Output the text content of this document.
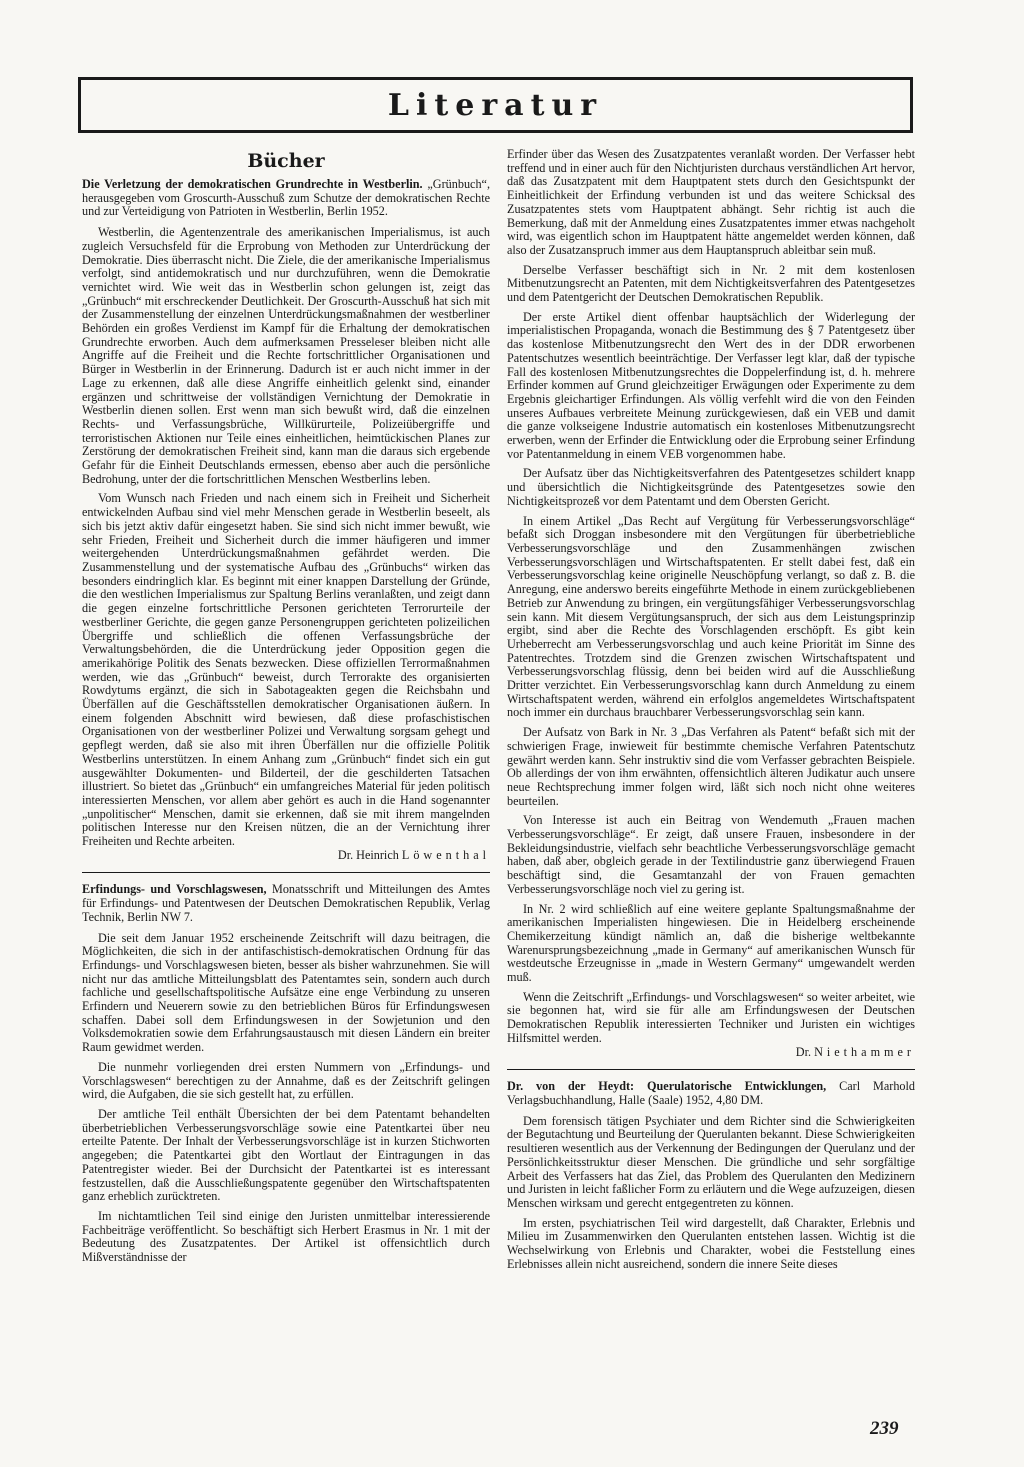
Literatur
Bücher
Die Verletzung der demokratischen Grundrechte in Westberlin. „Grünbuch“, herausgegeben vom Groscurth-Ausschuß zum Schutze der demokratischen Rechte und zur Verteidigung von Patrioten in Westberlin, Berlin 1952.

Westberlin, die Agentenzentrale des amerikanischen Imperialismus, ist auch zugleich Versuchsfeld für die Erprobung von Methoden zur Unterdrückung der Demokratie. Dies überrascht nicht. Die Ziele, die der amerikanische Imperialismus verfolgt, sind antidemokratisch und nur durchzuführen, wenn die Demokratie vernichtet wird. Wie weit das in Westberlin schon gelungen ist, zeigt das „Grünbuch“ mit erschreckender Deutlichkeit. Der Groscurth-Ausschuß hat sich mit der Zusammenstellung der einzelnen Unterdrückungsmaßnahmen der westberliner Behörden ein großes Verdienst im Kampf für die Erhaltung der demokratischen Grundrechte erworben. Auch dem aufmerksamen Presseleser bleiben nicht alle Angriffe auf die Freiheit und die Rechte fortschrittlicher Organisationen und Bürger in Westberlin in der Erinnerung. Dadurch ist er auch nicht immer in der Lage zu erkennen, daß alle diese Angriffe einheitlich gelenkt sind, einander ergänzen und schrittweise der vollständigen Vernichtung der Demokratie in Westberlin dienen sollen. Erst wenn man sich bewußt wird, daß die einzelnen Rechts- und Verfassungsbrüche, Willkürurteile, Polizeiübergriffe und terroristischen Aktionen nur Teile eines einheitlichen, heimtückischen Planes zur Zerstörung der demokratischen Freiheit sind, kann man die daraus sich ergebende Gefahr für die Einheit Deutschlands ermessen, ebenso aber auch die persönliche Bedrohung, unter der die fortschrittlichen Menschen Westberlins leben.

Vom Wunsch nach Frieden und nach einem sich in Freiheit und Sicherheit entwickelnden Aufbau sind viel mehr Menschen gerade in Westberlin beseelt, als sich bis jetzt aktiv dafür eingesetzt haben. Sie sind sich nicht immer bewußt, wie sehr Frieden, Freiheit und Sicherheit durch die immer häufigeren und immer weitergehenden Unterdrückungsmaßnahmen gefährdet werden. Die Zusammenstellung und der systematische Aufbau des „Grünbuchs“ wirken das besonders eindringlich klar. Es beginnt mit einer knappen Darstellung der Gründe, die den westlichen Imperialismus zur Spaltung Berlins veranlaßten, und zeigt dann die gegen einzelne fortschrittliche Personen gerichteten Terrorurteile der westberliner Gerichte, die gegen ganze Personengruppen gerichteten polizeilichen Übergriffe und schließlich die offenen Verfassungsbrüche der Verwaltungsbehörden, die die Unterdrückung jeder Opposition gegen die amerikahörige Politik des Senats bezwecken. Diese offiziellen Terrormaßnahmen werden, wie das „Grünbuch“ beweist, durch Terrorakte des organisierten Rowdytums ergänzt, die sich in Sabotageakten gegen die Reichsbahn und Überfällen auf die Geschäftsstellen demokratischer Organisationen äußern. In einem folgenden Abschnitt wird bewiesen, daß diese profaschistischen Organisationen von der westberliner Polizei und Verwaltung sorgsam gehegt und gepflegt werden, daß sie also mit ihren Überfällen nur die offizielle Politik Westberlins unterstützen. In einem Anhang zum „Grünbuch“ findet sich ein gut ausgewählter Dokumenten- und Bilderteil, der die geschilderten Tatsachen illustriert. So bietet das „Grünbuch“ ein umfangreiches Material für jeden politisch interessierten Menschen, vor allem aber gehört es auch in die Hand sogenannter „unpolitischer“ Menschen, damit sie erkennen, daß sie mit ihrem mangelnden politischen Interesse nur den Kreisen nützen, die an der Vernichtung ihrer Freiheiten und Rechte arbeiten.

Dr. Heinrich Löwenthal
Erfindungs- und Vorschlagswesen, Monatsschrift und Mitteilungen des Amtes für Erfindungs- und Patentwesen der Deutschen Demokratischen Republik, Verlag Technik, Berlin NW 7.

Die seit dem Januar 1952 erscheinende Zeitschrift will dazu beitragen, die Möglichkeiten, die sich in der antifaschistisch-demokratischen Ordnung für das Erfindungs- und Vorschlagswesen bieten, besser als bisher wahrzunehmen. Sie will nicht nur das amtliche Mitteilungsblatt des Patentamtes sein, sondern auch durch fachliche und gesellschaftspolitische Aufsätze eine enge Verbindung zu unseren Erfindern und Neuerern sowie zu den betrieblichen Büros für Erfindungswesen schaffen. Dabei soll dem Erfindungswesen in der Sowjetunion und den Volksdemokratien sowie dem Erfahrungsaustausch mit diesen Ländern ein breiter Raum gewidmet werden.

Die nunmehr vorliegenden drei ersten Nummern von „Erfindungs- und Vorschlagswesen“ berechtigen zu der Annahme, daß es der Zeitschrift gelingen wird, die Aufgaben, die sie sich gestellt hat, zu erfüllen.

Der amtliche Teil enthält Übersichten der bei dem Patentamt behandelten überbetrieblichen Verbesserungsvorschläge sowie eine Patentkartei über neu erteilte Patente. Der Inhalt der Verbesserungsvorschläge ist in kurzen Stichworten angegeben; die Patentkartei gibt den Wortlaut der Eintragungen in das Patentregister wieder. Bei der Durchsicht der Patentkartei ist es interessant festzustellen, daß die Ausschließungspatente gegenüber den Wirtschaftspatenten ganz erheblich zurücktreten.

Im nichtamtlichen Teil sind einige den Juristen unmittelbar interessierende Fachbeiträge veröffentlicht. So beschäftigt sich Herbert Erasmus in Nr. 1 mit der Bedeutung des Zusatzpatentes. Der Artikel ist offensichtlich durch Mißverständnisse der

Erfinder über das Wesen des Zusatzpatentes veranlaßt worden. Der Verfasser hebt treffend und in einer auch für den Nichtjuristen durchaus verständlichen Art hervor, daß das Zusatzpatent mit dem Hauptpatent stets durch den Gesichtspunkt der Einheitlichkeit der Erfindung verbunden ist und das weitere Schicksal des Zusatzpatentes stets vom Hauptpatent abhängt. Sehr richtig ist auch die Bemerkung, daß mit der Anmeldung eines Zusatzpatentes immer etwas nachgeholt wird, was eigentlich schon im Hauptpatent hätte angemeldet werden können, daß also der Zusatzanspruch immer aus dem Hauptanspruch ableitbar sein muß.

Derselbe Verfasser beschäftigt sich in Nr. 2 mit dem kostenlosen Mitbenutzungsrecht an Patenten, mit dem Nichtigkeitsverfahren des Patentgesetzes und dem Patentgericht der Deutschen Demokratischen Republik.

Der erste Artikel dient offenbar hauptsächlich der Widerlegung der imperialistischen Propaganda, wonach die Bestimmung des § 7 Patentgesetz über das kostenlose Mitbenutzungsrecht den Wert des in der DDR erworbenen Patentschutzes wesentlich beeinträchtige. Der Verfasser legt klar, daß der typische Fall des kostenlosen Mitbenutzungsrechtes die Doppelerfindung ist, d. h. mehrere Erfinder kommen auf Grund gleichzeitiger Erwägungen oder Experimente zu dem Ergebnis gleichartiger Erfindungen. Als völlig verfehlt wird die von den Feinden unseres Aufbaues verbreitete Meinung zurückgewiesen, daß ein VEB und damit die ganze volkseigene Industrie automatisch ein kostenloses Mitbenutzungsrecht erwerben, wenn der Erfinder die Entwicklung oder die Erprobung seiner Erfindung vor Patentanmeldung in einem VEB vorgenommen habe.

Der Aufsatz über das Nichtigkeitsverfahren des Patentgesetzes schildert knapp und übersichtlich die Nichtigkeitsgründe des Patentgesetzes sowie den Nichtigkeitsprozeß vor dem Patentamt und dem Obersten Gericht.

In einem Artikel „Das Recht auf Vergütung für Verbesserungsvorschläge“ befaßt sich Droggan insbesondere mit den Vergütungen für überbetriebliche Verbesserungsvorschläge und den Zusammenhängen zwischen Verbesserungsvorschlägen und Wirtschaftspatenten. Er stellt dabei fest, daß ein Verbesserungsvorschlag keine originelle Neuschöpfung verlangt, so daß z. B. die Anregung, eine anderswo bereits eingeführte Methode in einem zurückgebliebenen Betrieb zur Anwendung zu bringen, ein vergütungsfähiger Verbesserungsvorschlag sein kann. Mit diesem Vergütungsanspruch, der sich aus dem Leistungsprinzip ergibt, sind aber die Rechte des Vorschlagenden erschöpft. Es gibt kein Urheberrecht am Verbesserungsvorschlag und auch keine Priorität im Sinne des Patentrechtes. Trotzdem sind die Grenzen zwischen Wirtschaftspatent und Verbesserungsvorschlag flüssig, denn bei beiden wird auf die Ausschließung Dritter verzichtet. Ein Verbesserungsvorschlag kann durch Anmeldung zu einem Wirtschaftspatent werden, während ein erfolglos angemeldetes Wirtschaftspatent noch immer ein durchaus brauchbarer Verbesserungsvorschlag sein kann.

Der Aufsatz von Bark in Nr. 3 „Das Verfahren als Patent“ befaßt sich mit der schwierigen Frage, inwieweit für bestimmte chemische Verfahren Patentschutz gewährt werden kann. Sehr instruktiv sind die vom Verfasser gebrachten Beispiele. Ob allerdings der von ihm erwähnten, offensichtlich älteren Judikatur auch unsere neue Rechtsprechung immer folgen wird, läßt sich noch nicht ohne weiteres beurteilen.

Von Interesse ist auch ein Beitrag von Wendemuth „Frauen machen Verbesserungsvorschläge“. Er zeigt, daß unsere Frauen, insbesondere in der Bekleidungsindustrie, vielfach sehr beachtliche Verbesserungsvorschläge gemacht haben, daß aber, obgleich gerade in der Textilindustrie ganz überwiegend Frauen beschäftigt sind, die Gesamtanzahl der von Frauen gemachten Verbesserungsvorschläge noch viel zu gering ist.

In Nr. 2 wird schließlich auf eine weitere geplante Spaltungsmaßnahme der amerikanischen Imperialisten hingewiesen. Die in Heidelberg erscheinende Chemikerzeitung kündigt nämlich an, daß die bisherige weltbekannte Warenursprungsbezeichnung „made in Germany“ auf amerikanischen Wunsch für westdeutsche Erzeugnisse in „made in Western Germany“ umgewandelt werden muß.

Wenn die Zeitschrift „Erfindungs- und Vorschlagswesen“ so weiter arbeitet, wie sie begonnen hat, wird sie für alle am Erfindungswesen der Deutschen Demokratischen Republik interessierten Techniker und Juristen ein wichtiges Hilfsmittel werden.

Dr. Niethammer
Dr. von der Heydt: Querulatorische Entwicklungen, Carl Marhold Verlagsbuchhandlung, Halle (Saale) 1952, 4,80 DM.

Dem forensisch tätigen Psychiater und dem Richter sind die Schwierigkeiten der Begutachtung und Beurteilung der Querulanten bekannt. Diese Schwierigkeiten resultieren wesentlich aus der Verkennung der Bedingungen der Querulanz und der Persönlichkeitsstruktur dieser Menschen. Die gründliche und sehr sorgfältige Arbeit des Verfassers hat das Ziel, das Problem des Querulanten den Medizinern und Juristen in leicht faßlicher Form zu erläutern und die Wege aufzuzeigen, diesen Menschen wirksam und gerecht entgegentreten zu können.

Im ersten, psychiatrischen Teil wird dargestellt, daß Charakter, Erlebnis und Milieu im Zusammenwirken den Querulanten entstehen lassen. Wichtig ist die Wechselwirkung von Erlebnis und Charakter, wobei die Feststellung eines Erlebnisses allein nicht ausreichend, sondern die innere Seite dieses

239
